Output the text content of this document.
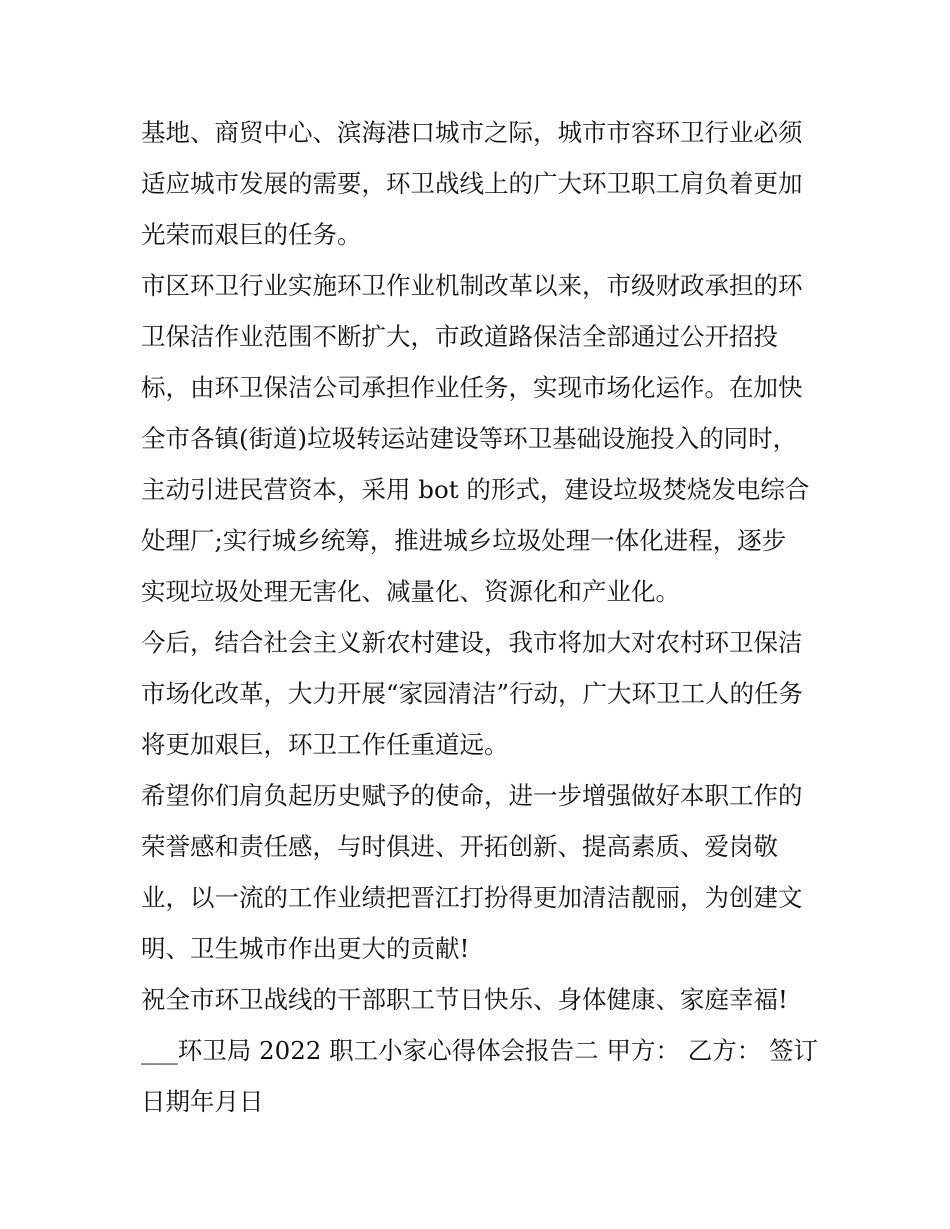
基地、商贸中心、滨海港口城市之际，城市市容环卫行业必须
适应城市发展的需要，环卫战线上的广大环卫职工肩负着更加
光荣而艰巨的任务。
市区环卫行业实施环卫作业机制改革以来，市级财政承担的环
卫保洁作业范围不断扩大，市政道路保洁全部通过公开招投
标，由环卫保洁公司承担作业任务，实现市场化运作。在加快
全市各镇(街道)垃圾转运站建设等环卫基础设施投入的同时，
主动引进民营资本，采用 bot 的形式，建设垃圾焚烧发电综合
处理厂;实行城乡统筹，推进城乡垃圾处理一体化进程，逐步
实现垃圾处理无害化、减量化、资源化和产业化。
今后，结合社会主义新农村建设，我市将加大对农村环卫保洁
市场化改革，大力开展“家园清洁”行动，广大环卫工人的任务
将更加艰巨，环卫工作任重道远。
希望你们肩负起历史赋予的使命，进一步增强做好本职工作的
荣誉感和责任感，与时俱进、开拓创新、提高素质、爱岗敬
业，以一流的工作业绩把晋江打扮得更加清洁靓丽，为创建文
明、卫生城市作出更大的贡献!
祝全市环卫战线的干部职工节日快乐、身体健康、家庭幸福!
___环卫局 2022 职工小家心得体会报告二 甲方： 乙方： 签订
日期年月日
